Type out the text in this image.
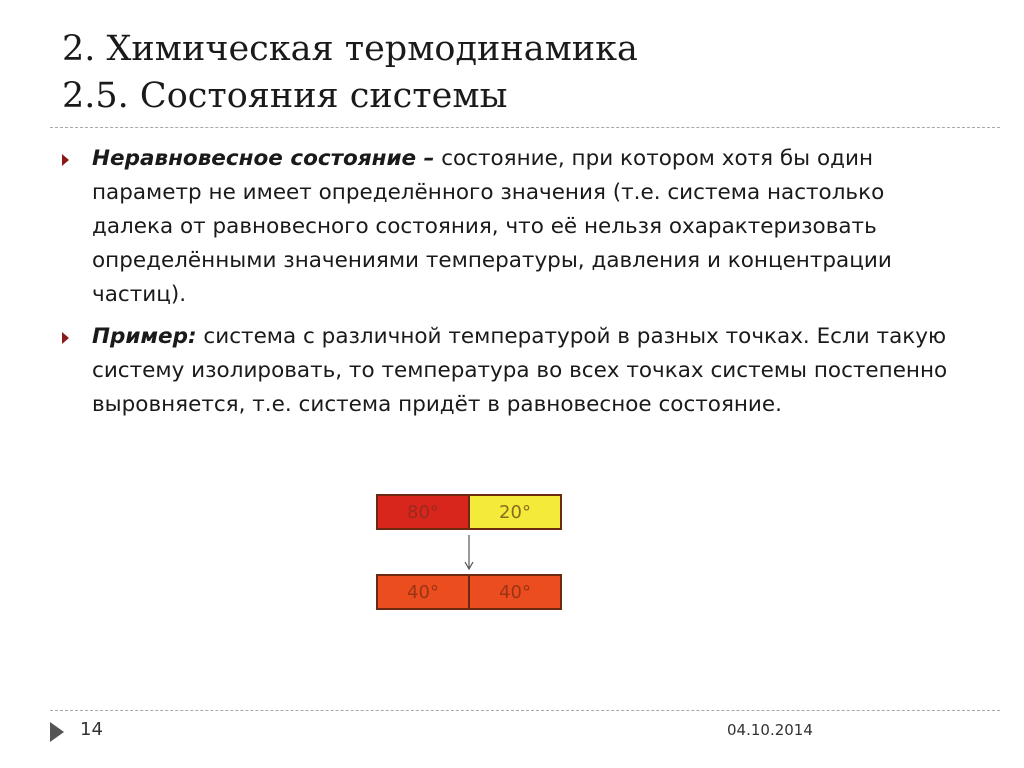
2. Химическая термодинамика
2.5. Состояния системы
Неравновесное состояние – состояние, при котором хотя бы один параметр не имеет определённого значения (т.е. система настолько далека от равновесного состояния, что её нельзя охарактеризовать определёнными значениями температуры, давления и концентрации частиц).
Пример: система с различной температурой в разных точках. Если такую систему изолировать, то температура во всех точках системы постепенно выровняется, т.е. система придёт в равновесное состояние.
80°	20°
40°	40°
14	04.10.2014
